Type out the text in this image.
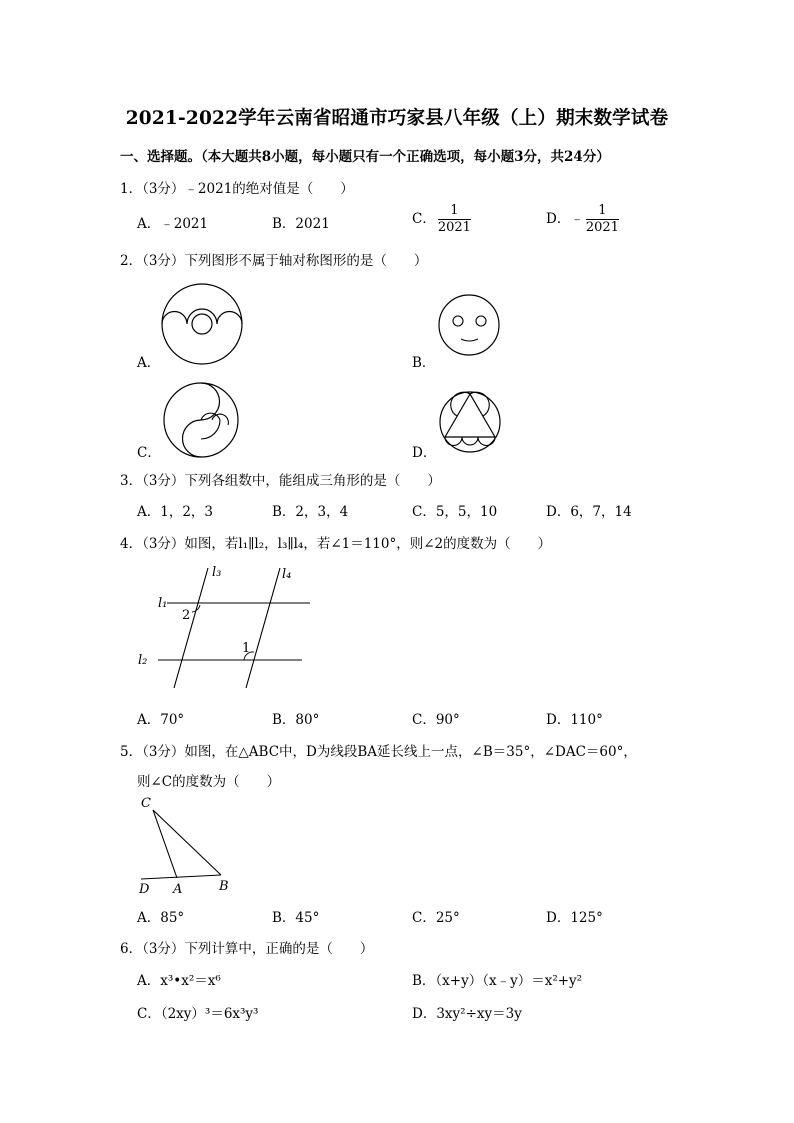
2021-2022学年云南省昭通市巧家县八年级（上）期末数学试卷
一、选择题。（本大题共8小题，每小题只有一个正确选项，每小题3分，共24分）
1．（3分）﹣2021的绝对值是（　　）
A．﹣2021	B．2021	C． $\frac{1}{2021}$	D．﹣ $\frac{1}{2021}$
2．（3分）下列图形不属于轴对称图形的是（　　）
A．	B．
C．	D．
3．（3分）下列各组数中，能组成三角形的是（　　）
A．1，2，3	B．2，3，4	C．5，5，10	D．6，7，14
4．（3分）如图，若l₁∥l₂，l₃∥l₄，若∠1＝110°，则∠2的度数为（　　）
l₁
l₂
l₃	l₄
2
1
A．70°	B．80°	C．90°	D．110°
5．（3分）如图，在△ABC中，D为线段BA延长线上一点，∠B＝35°，∠DAC＝60°，
则∠C的度数为（　　）
C
D A	B
A．85°	B．45°	C．25°	D．125°
6．（3分）下列计算中，正确的是（　　）
A．x³•x²＝x⁶	B．（x+y）（x﹣y）＝x²+y²
C．（2xy）³＝6x³y³	D．3xy²÷xy＝3y
